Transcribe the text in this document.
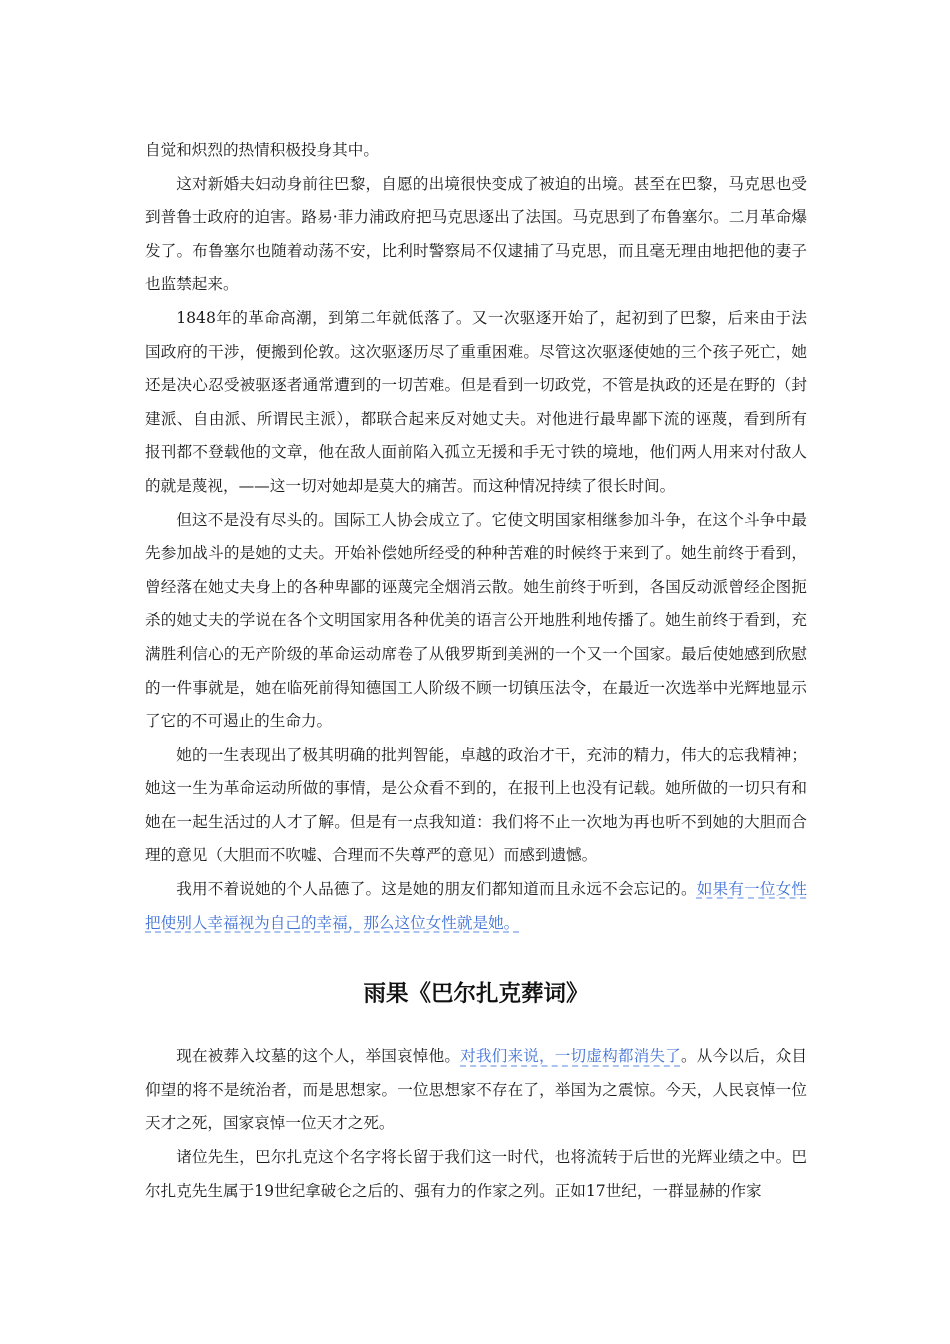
自觉和炽烈的热情积极投身其中。

这对新婚夫妇动身前往巴黎，自愿的出境很快变成了被迫的出境。甚至在巴黎，马克思也受到普鲁士政府的迫害。路易·菲力浦政府把马克思逐出了法国。马克思到了布鲁塞尔。二月革命爆发了。布鲁塞尔也随着动荡不安，比利时警察局不仅逮捕了马克思，而且毫无理由地把他的妻子也监禁起来。

1848年的革命高潮，到第二年就低落了。又一次驱逐开始了，起初到了巴黎，后来由于法国政府的干涉，便搬到伦敦。这次驱逐历尽了重重困难。尽管这次驱逐使她的三个孩子死亡，她还是决心忍受被驱逐者通常遭到的一切苦难。但是看到一切政党，不管是执政的还是在野的（封建派、自由派、所谓民主派），都联合起来反对她丈夫。对他进行最卑鄙下流的诬蔑，看到所有报刊都不登载他的文章，他在敌人面前陷入孤立无援和手无寸铁的境地，他们两人用来对付敌人的就是蔑视，——这一切对她却是莫大的痛苦。而这种情况持续了很长时间。

但这不是没有尽头的。国际工人协会成立了。它使文明国家相继参加斗争，在这个斗争中最先参加战斗的是她的丈夫。开始补偿她所经受的种种苦难的时候终于来到了。她生前终于看到，曾经落在她丈夫身上的各种卑鄙的诬蔑完全烟消云散。她生前终于听到，各国反动派曾经企图扼杀的她丈夫的学说在各个文明国家用各种优美的语言公开地胜利地传播了。她生前终于看到，充满胜利信心的无产阶级的革命运动席卷了从俄罗斯到美洲的一个又一个国家。最后使她感到欣慰的一件事就是，她在临死前得知德国工人阶级不顾一切镇压法令，在最近一次选举中光辉地显示了它的不可遏止的生命力。

她的一生表现出了极其明确的批判智能，卓越的政治才干，充沛的精力，伟大的忘我精神；她这一生为革命运动所做的事情，是公众看不到的，在报刊上也没有记载。她所做的一切只有和她在一起生活过的人才了解。但是有一点我知道：我们将不止一次地为再也听不到她的大胆而合理的意见（大胆而不吹嘘、合理而不失尊严的意见）而感到遗憾。

我用不着说她的个人品德了。这是她的朋友们都知道而且永远不会忘记的。如果有一位女性把使别人幸福视为自己的幸福，那么这位女性就是她。

雨果《巴尔扎克葬词》

现在被葬入坟墓的这个人，举国哀悼他。对我们来说，一切虚构都消失了。从今以后，众目仰望的将不是统治者，而是思想家。一位思想家不存在了，举国为之震惊。今天，人民哀悼一位天才之死，国家哀悼一位天才之死。

诸位先生，巴尔扎克这个名字将长留于我们这一时代，也将流转于后世的光辉业绩之中。巴尔扎克先生属于19世纪拿破仑之后的、强有力的作家之列。正如17世纪，一群显赫的作家
